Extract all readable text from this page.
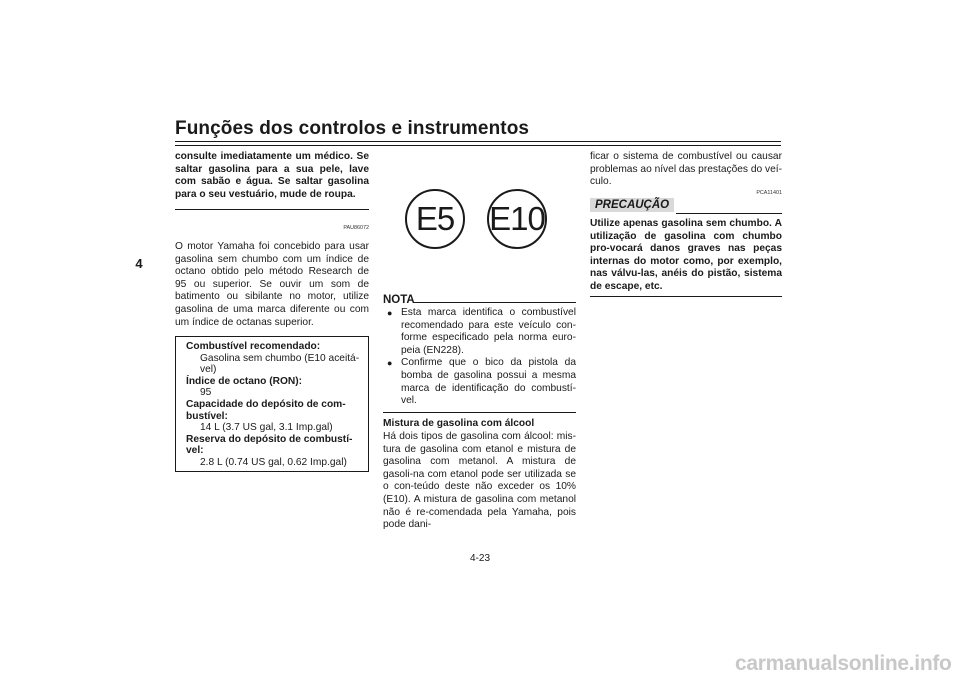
Funções dos controlos e instrumentos
4
consulte imediatamente um médico. Se saltar gasolina para a sua pele, lave com sabão e água. Se saltar gasolina para o seu vestuário, mude de roupa.
PAU86072
O motor Yamaha foi concebido para usar gasolina sem chumbo com um índice de octano obtido pelo método Research de 95 ou superior. Se ouvir um som de batimento ou sibilante no motor, utilize gasolina de uma marca diferente ou com um índice de octanas superior.
Combustível recomendado:
Gasolina sem chumbo (E10 aceitá-vel)
Índice de octano (RON):
95
Capacidade do depósito de com-bustível:
14 L (3.7 US gal, 3.1 Imp.gal)
Reserva do depósito de combustí-vel:
2.8 L (0.74 US gal, 0.62 Imp.gal)
E5	E10
NOTA
● Esta marca identifica o combustível recomendado para este veículo con-forme especificado pela norma euro-peia (EN228).
● Confirme que o bico da pistola da bomba de gasolina possui a mesma marca de identificação do combustí-vel.
Mistura de gasolina com álcool
Há dois tipos de gasolina com álcool: mis-tura de gasolina com etanol e mistura de gasolina com metanol. A mistura de gasoli-na com etanol pode ser utilizada se o con-teúdo deste não exceder os 10% (E10). A mistura de gasolina com metanol não é re-comendada pela Yamaha, pois pode dani-
ficar o sistema de combustível ou causar problemas ao nível das prestações do veí-culo.
PCA11401
PRECAUÇÃO
Utilize apenas gasolina sem chumbo. A utilização de gasolina com chumbo pro-vocará danos graves nas peças internas do motor como, por exemplo, nas válvu-las, anéis do pistão, sistema de escape, etc.
4-23
carmanualsonline.info
